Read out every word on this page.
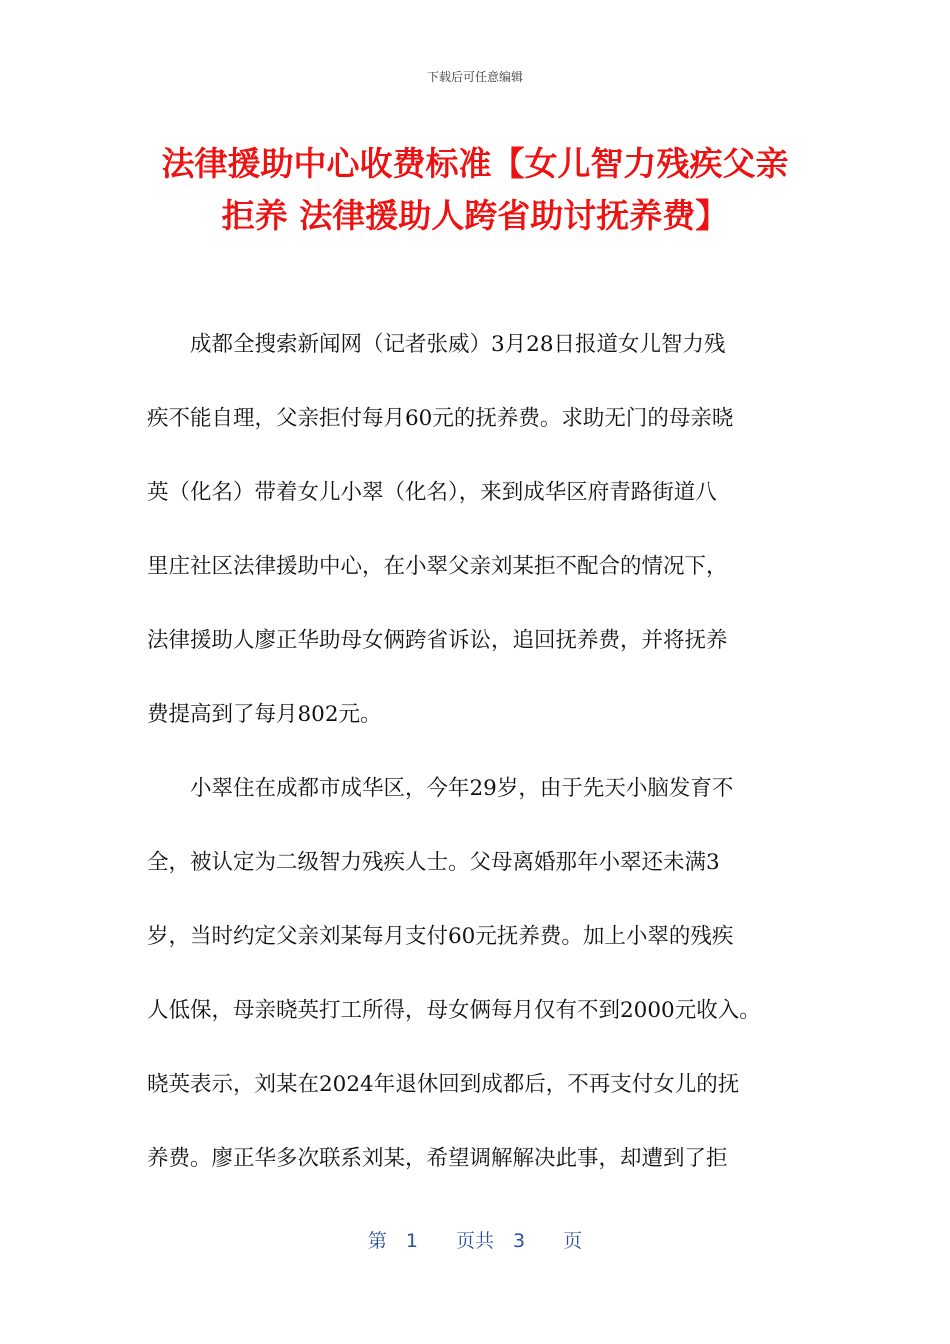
下载后可任意编辑
法律援助中心收费标准【女儿智力残疾父亲
拒养 法律援助人跨省助讨抚养费】
　　成都全搜索新闻网（记者张威）3月28日报道女儿智力残
疾不能自理，父亲拒付每月60元的抚养费。求助无门的母亲晓
英（化名）带着女儿小翠（化名），来到成华区府青路街道八
里庄社区法律援助中心，在小翠父亲刘某拒不配合的情况下，
法律援助人廖正华助母女俩跨省诉讼，追回抚养费，并将抚养
费提高到了每月802元。
　　小翠住在成都市成华区，今年29岁，由于先天小脑发育不
全，被认定为二级智力残疾人士。父母离婚那年小翠还未满3
岁，当时约定父亲刘某每月支付60元抚养费。加上小翠的残疾
人低保，母亲晓英打工所得，母女俩每月仅有不到2000元收入。
晓英表示，刘某在2024年退休回到成都后，不再支付女儿的抚
养费。廖正华多次联系刘某，希望调解解决此事，却遭到了拒
第　1　　页共　3　　页
